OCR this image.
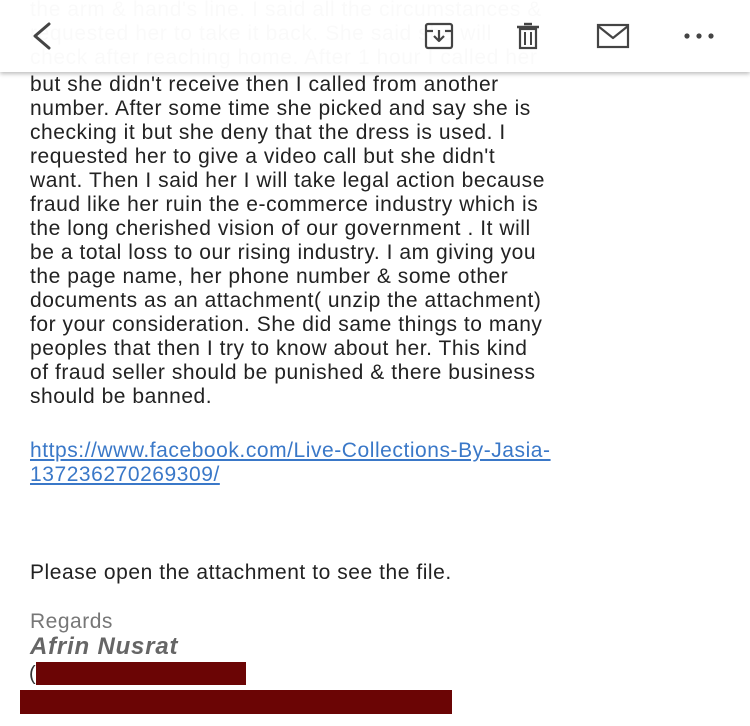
but she didn't receive then I called from another
number. After some time she picked and say she is
checking it but she deny that the dress is used. I
requested her to give a video call but she didn't
want. Then I said her I will take legal action because
fraud like her ruin the e-commerce industry which is
the long cherished vision of our government . It will
be a total loss to our rising industry. I am giving you
the page name, her phone number & some other
documents as an attachment( unzip the attachment)
for your consideration. She did same things to many
peoples that then I try to know about her. This kind
of fraud seller should be punished & there business
should be banned.
https://www.facebook.com/Live-Collections-By-Jasia-
137236270269309/
Please open the attachment to see the file.
Regards
Afrin Nusrat
(
